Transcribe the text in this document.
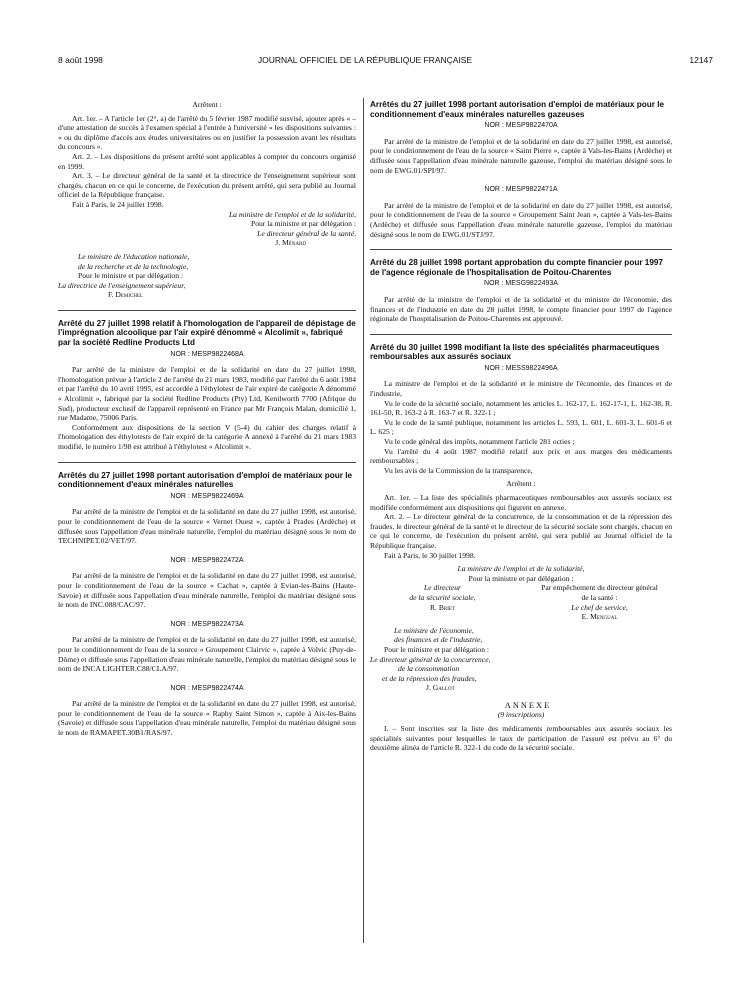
8 août 1998	JOURNAL OFFICIEL DE LA RÉPUBLIQUE FRANÇAISE	12147

Arrêtent :

Art. 1er. – A l'article 1er (2°, a) de l'arrêté du 5 février 1987 modifié susvisé, ajouter après « – d'une attestation de succès à l'examen spécial à l'entrée à l'université » les dispositions suivantes : « ou du diplôme d'accès aux études universitaires ou en justifier la possession avant les résultats du concours ».

Art. 2. – Les dispositions du présent arrêté sont applicables à compter du concours organisé en 1999.

Art. 3. – Le directeur général de la santé et la directrice de l'enseignement supérieur sont chargés, chacun en ce qui le concerne, de l'exécution du présent arrêté, qui sera publié au Journal officiel de la République française.

Fait à Paris, le 24 juillet 1998.

La ministre de l'emploi et de la solidarité,

Pour la ministre et par délégation :

Le directeur général de la santé,

J. Ménard

Le ministre de l'éducation nationale,

de la recherche et de la technologie,

Pour le ministre et par délégation :

La directrice de l'enseignement supérieur,

F. Demichel

Arrêté du 27 juillet 1998 relatif à l'homologation de l'appareil de dépistage de l'imprégnation alcoolique par l'air expiré dénommé « Alcolimit », fabriqué par la société Redline Products Ltd

NOR : MESP9822468A

Par arrêté de la ministre de l'emploi et de la solidarité en date du 27 juillet 1998, l'homologation prévue à l'article 2 de l'arrêté du 21 mars 1983, modifié par l'arrêté du 6 août 1984 et par l'arrêté du 10 avril 1995, est accordée à l'éthylotest de l'air expiré de catégorie A dénommé « Alcolimit », fabriqué par la société Redline Products (Pty) Ltd, Kenilworth 7700 (Afrique du Sud), producteur exclusif de l'appareil représenté en France par Mr François Malan, domicilié 1, rue Madame, 75006 Paris.

Conformément aux dispositions de la section V (5-4) du cahier des charges relatif à l'homologation des éthylotests de l'air expiré de la catégorie A annexé à l'arrêté du 21 mars 1983 modifié, le numéro 1/98 est attribué à l'éthylotest « Alcolimit ».

Arrêtés du 27 juillet 1998 portant autorisation d'emploi de matériaux pour le conditionnement d'eaux minérales naturelles

NOR : MESP9822469A

Par arrêté de la ministre de l'emploi et de la solidarité en date du 27 juillet 1998, est autorisé, pour le conditionnement de l'eau de la source « Vernet Ouest », captée à Prades (Ardèche) et diffusée sous l'appellation d'eau minérale naturelle, l'emploi du matériau désigné sous le nom de TECHNIPET.02/VET/97.

NOR : MESP9822472A

Par arrêté de la ministre de l'emploi et de la solidarité en date du 27 juillet 1998, est autorisé, pour le conditionnement de l'eau de la source « Cachat », captée à Evian-les-Bains (Haute-Savoie) et diffusée sous l'appellation d'eau minérale naturelle, l'emploi du matériau désigné sous le nom de INC.088/CAC/97.

NOR : MESP9822473A

Par arrêté de la ministre de l'emploi et de la solidarité en date du 27 juillet 1998, est autorisé, pour le conditionnement de l'eau de la source « Groupement Clairvic », captée à Volvic (Puy-de-Dôme) et diffusée sous l'appellation d'eau minérale naturelle, l'emploi du matériau désigné sous le nom de INCA LIGHTER.C88/CLA/97.

NOR : MESP9822474A

Par arrêté de la ministre de l'emploi et de la solidarité en date du 27 juillet 1998, est autorisé, pour le conditionnement de l'eau de la source « Raphy Saint Simon », captée à Aix-les-Bains (Savoie) et diffusée sous l'appellation d'eau minérale naturelle, l'emploi du matériau désigné sous le nom de RAMAPET.30B1/RAS/97.

Arrêtés du 27 juillet 1998 portant autorisation d'emploi de matériaux pour le conditionnement d'eaux minérales naturelles gazeuses

NOR : MESP9822470A

Par arrêté de la ministre de l'emploi et de la solidarité en date du 27 juillet 1998, est autorisé, pour le conditionnement de l'eau de la source « Saint Pierre », captée à Vals-les-Bains (Ardèche) et diffusée sous l'appellation d'eau minérale naturelle gazeuse, l'emploi du matériau désigné sous le nom de EWG.01/SPI/97.

NOR : MESP9822471A

Par arrêté de la ministre de l'emploi et de la solidarité en date du 27 juillet 1998, est autorisé, pour le conditionnement de l'eau de la source « Groupement Saint Jean », captée à Vals-les-Bains (Ardèche) et diffusée sous l'appellation d'eau minérale naturelle gazeuse, l'emploi du matériau désigné sous le nom de EWG.01/STJ/97.

Arrêté du 28 juillet 1998 portant approbation du compte financier pour 1997 de l'agence régionale de l'hospitalisation de Poitou-Charentes

NOR : MESG9822493A

Par arrêté de la ministre de l'emploi et de la solidarité et du ministre de l'économie, des finances et de l'industrie en date du 28 juillet 1998, le compte financier pour 1997 de l'agence régionale de l'hospitalisation de Poitou-Charentes est approuvé.

Arrêté du 30 juillet 1998 modifiant la liste des spécialités pharmaceutiques remboursables aux assurés sociaux

NOR : MESS9822496A

La ministre de l'emploi et de la solidarité et le ministre de l'économie, des finances et de l'industrie,

Vu le code de la sécurité sociale, notamment les articles L. 162-17, L. 162-17-1, L. 162-38, R. 161-50, R. 163-2 à R. 163-7 et R. 322-1 ;

Vu le code de la santé publique, notamment les articles L. 593, L. 601, L. 601-3, L. 601-6 et L. 625 ;

Vu le code général des impôts, notamment l'article 281 octies ;

Vu l'arrêté du 4 août 1987 modifié relatif aux prix et aux marges des médicaments remboursables ;

Vu les avis de la Commission de la transparence,

Arrêtent :

Art. 1er. – La liste des spécialités pharmaceutiques remboursables aux assurés sociaux est modifiée conformément aux dispositions qui figurent en annexe.

Art. 2. – Le directeur général de la concurrence, de la consommation et de la répression des fraudes, le directeur général de la santé et le directeur de la sécurité sociale sont chargés, chacun en ce qui le concerne, de l'exécution du présent arrêté, qui sera publié au Journal officiel de la République française.

Fait à Paris, le 30 juillet 1998.

La ministre de l'emploi et de la solidarité,

Pour la ministre et par délégation :

Le directeur

de la sécurité sociale,

R. Briet

Par empêchement du directeur général

de la santé :

Le chef de service,

E. Mengual

Le ministre de l'économie,

des finances et de l'industrie,

Pour le ministre et par délégation :

Le directeur général de la concurrence,

de la consommation

et de la répression des fraudes,

J. Gallot

ANNEXE

(9 inscriptions)

I. – Sont inscrites sur la liste des médicaments remboursables aux assurés sociaux les spécialités suivantes pour lesquelles le taux de participation de l'assuré est prévu au 6° du deuxième alinéa de l'article R. 322-1 du code de la sécurité sociale.
